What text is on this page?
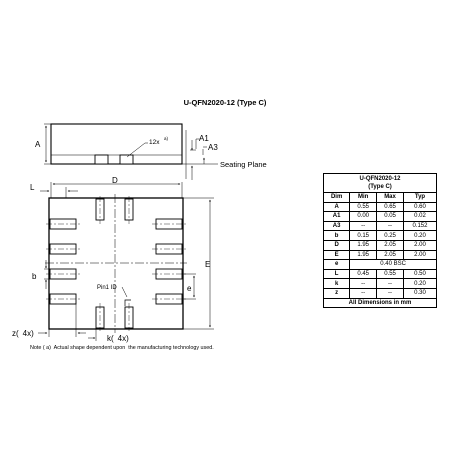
U-QFN2020-12 (Type C)
A	12x
a)	A1
A3
Seating Plane
D
L
E
b
e
Pin1 ID
z( 4x)
k( 4x)
Note ( a)  Actual shape dependent upon  the manufacturing technology used.
U-QFN2020-12
(Type C)			

Dim	Min	Max	Typ
A	0.55	0.65	0.60
A1	0.00	0.05	0.02
A3	--	--	0.152
b	0.15	0.25	0.20
D	1.95	2.05	2.00
E	1.95	2.05	2.00
e	0.40 BSC		
L	0.45	0.55	0.50
k	--	--	0.20
z	--	--	0.30
All Dimensions in mm			
